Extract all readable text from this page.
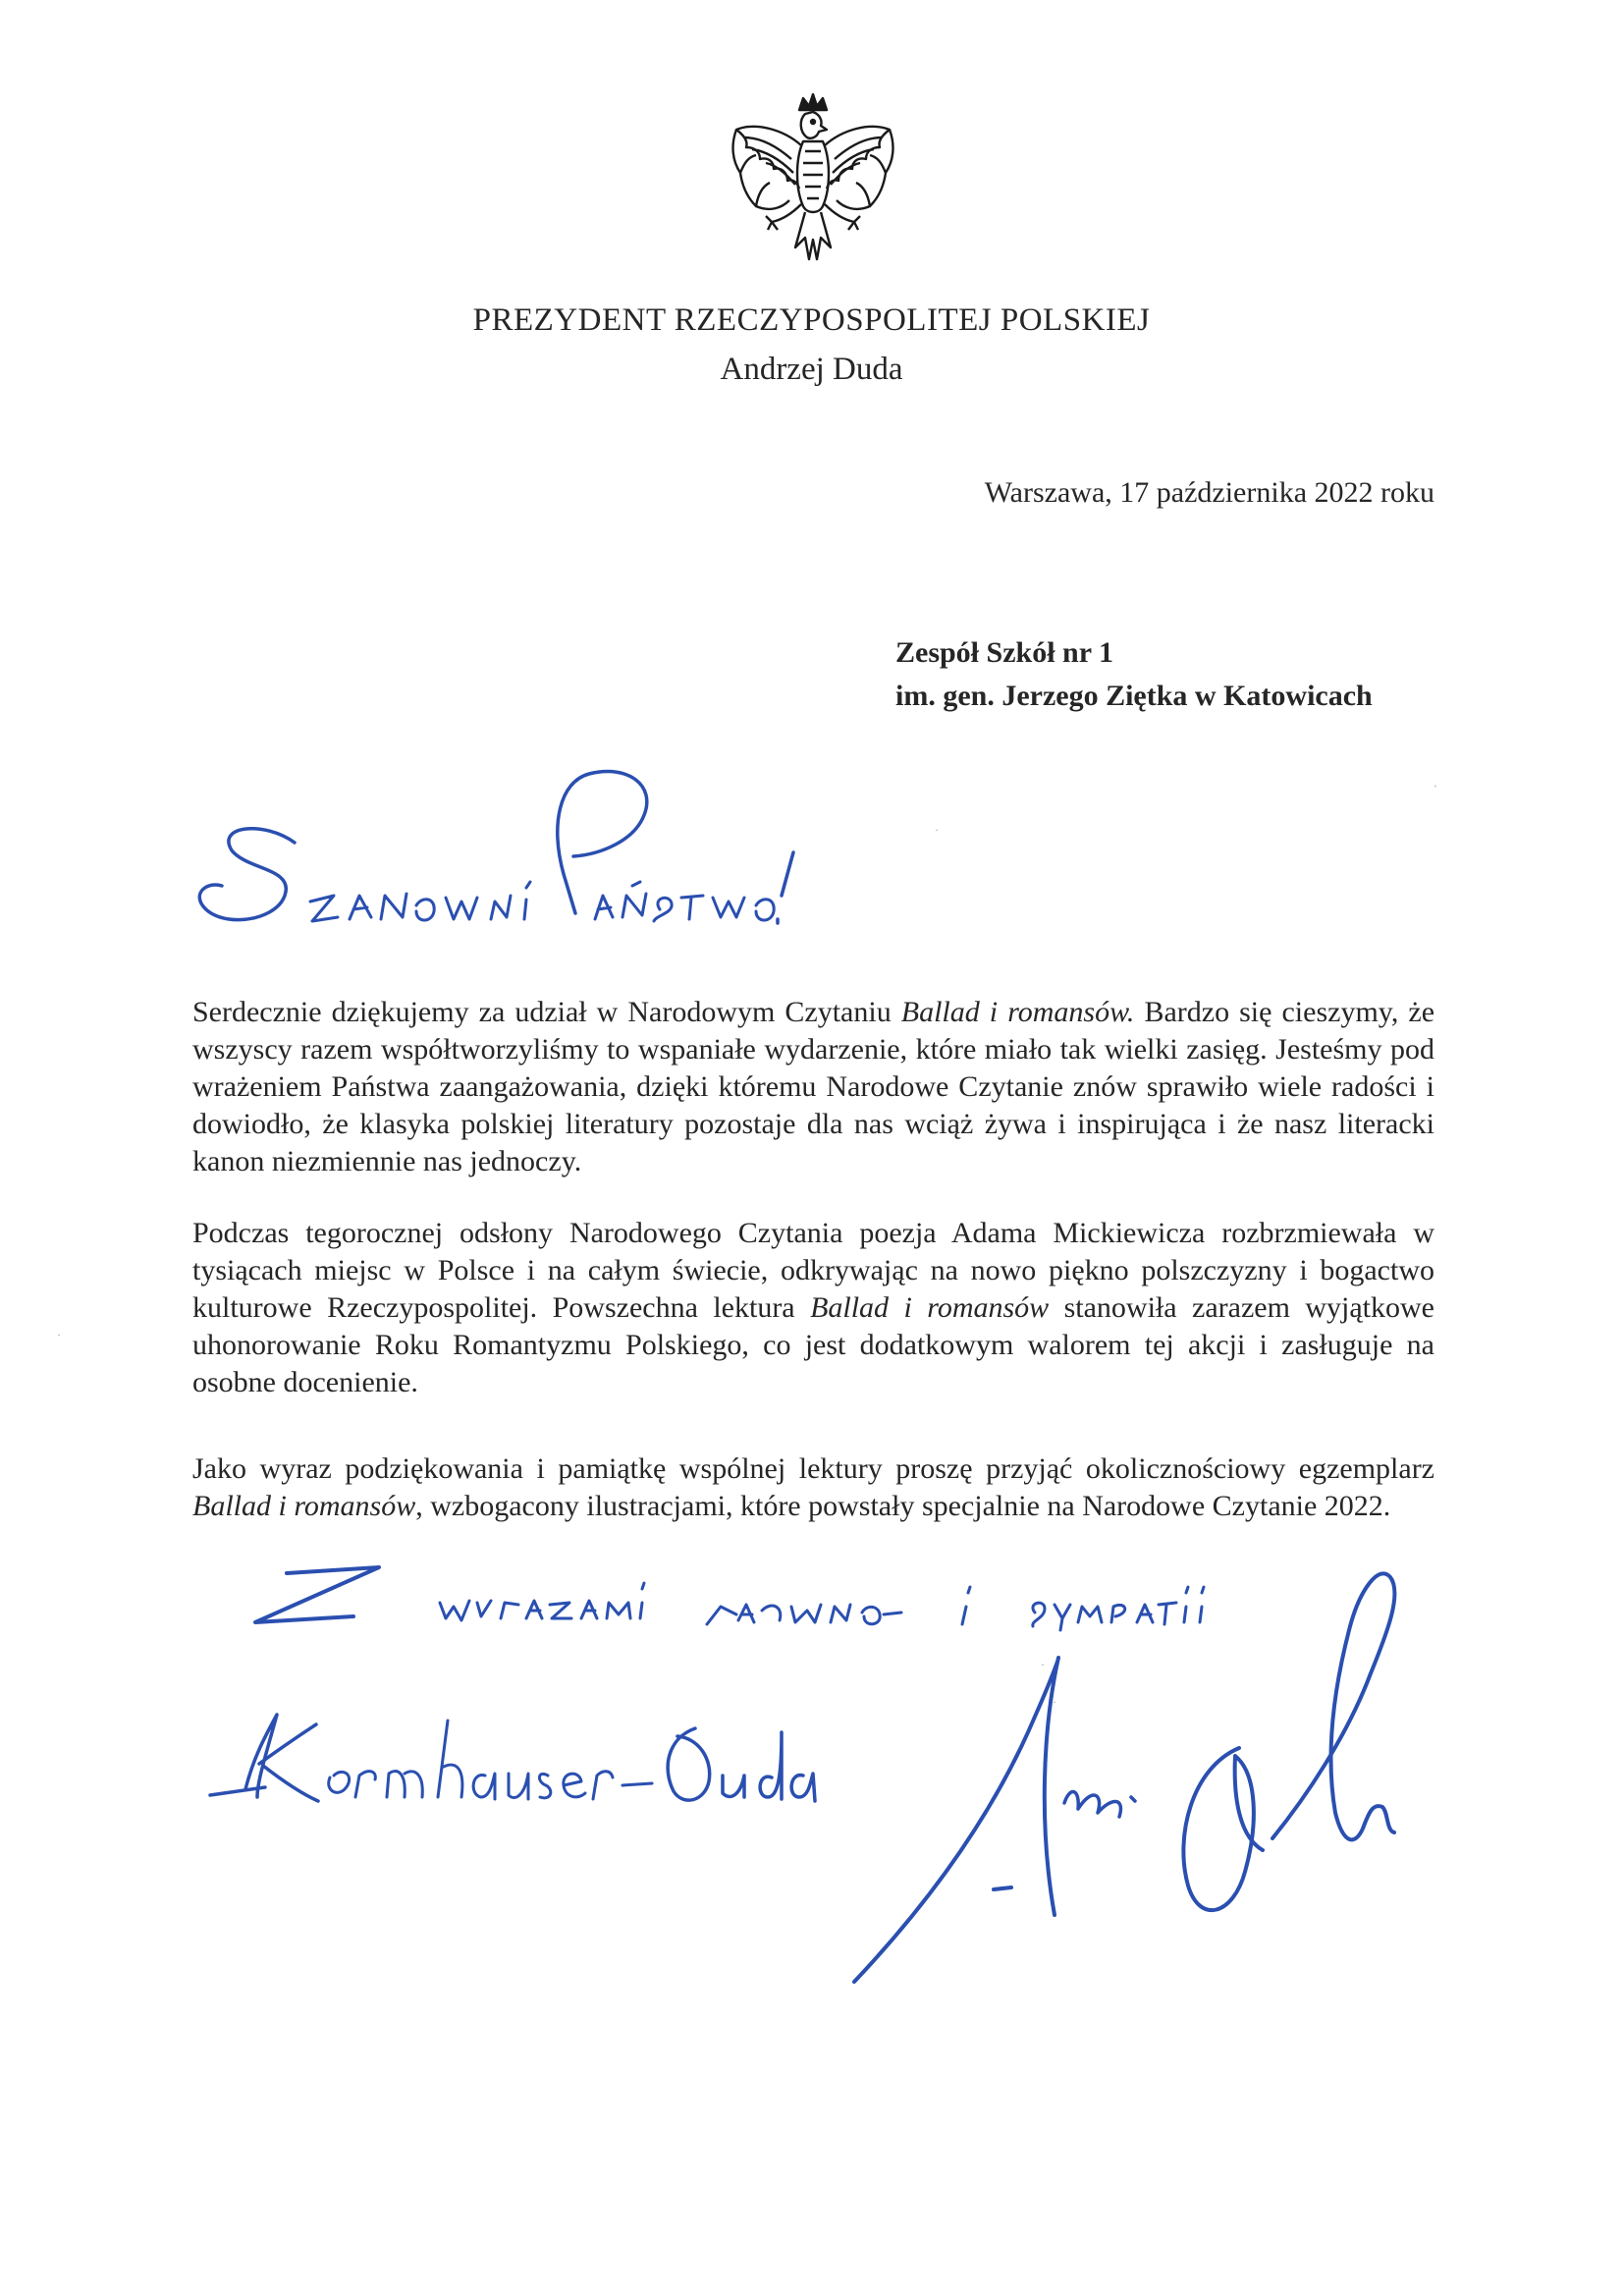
PREZYDENT RZECZYPOSPOLITEJ POLSKIEJ
Andrzej Duda
Warszawa, 17 października 2022 roku
Zespół Szkół nr 1
im. gen. Jerzego Ziętka w Katowicach

Serdecznie dziękujemy za udział w Narodowym Czytaniu Ballad i romansów. Bardzo się cieszymy, że wszyscy razem współtworzyliśmy to wspaniałe wydarzenie, które miało tak wielki zasięg. Jesteśmy pod wrażeniem Państwa zaangażowania, dzięki któremu Narodowe Czytanie znów sprawiło wiele radości i dowiodło, że klasyka polskiej literatury pozostaje dla nas wciąż żywa i inspirująca i że nasz literacki kanon niezmiennie nas jednoczy.

Podczas tegorocznej odsłony Narodowego Czytania poezja Adama Mickiewicza rozbrzmiewała w tysiącach miejsc w Polsce i na całym świecie, odkrywając na nowo piękno polszczyzny i bogactwo kulturowe Rzeczypospolitej. Powszechna lektura Ballad i romansów stanowiła zarazem wyjątkowe uhonorowanie Roku Romantyzmu Polskiego, co jest dodatkowym walorem tej akcji i zasługuje na osobne docenienie.

Jako wyraz podziękowania i pamiątkę wspólnej lektury proszę przyjąć okolicznościowy egzemplarz Ballad i romansów, wzbogacony ilustracjami, które powstały specjalnie na Narodowe Czytanie 2022.

ˎ
·
·
·
·
